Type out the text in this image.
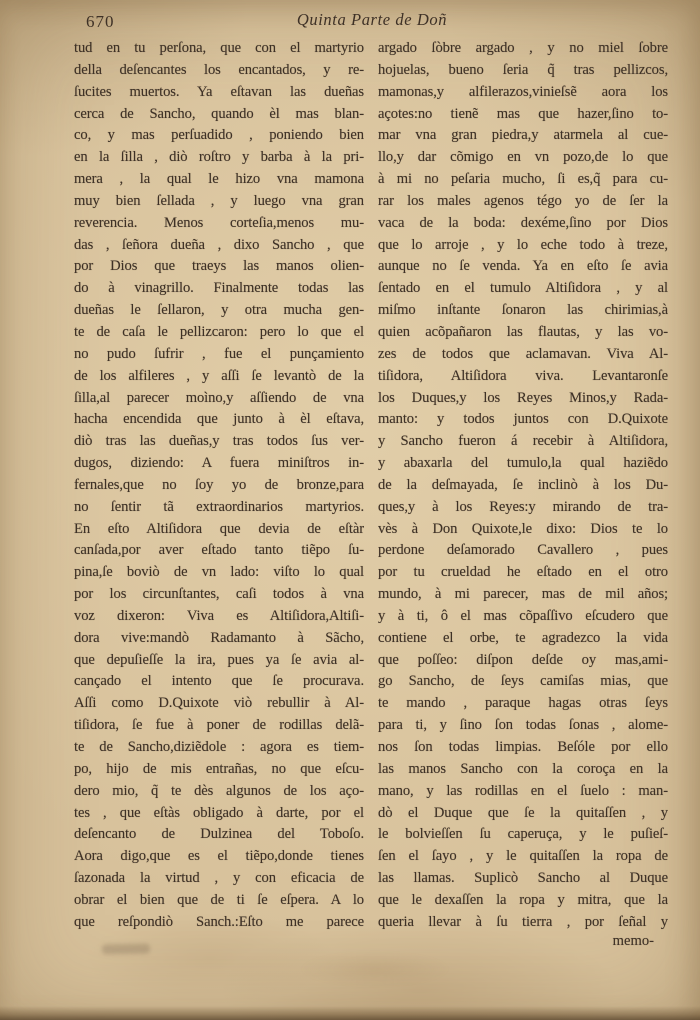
670	Quinta Parte de Doñ
tud en tu perſona, que con el martyrio
della deſencantes los encantados, y re-
ſucites muertos. Ya eſtavan las dueñas
cerca de Sancho, quando èl mas blan-
co, y mas perſuadido , poniendo bien
en la ſilla , diò roſtro y barba à la pri-
mera , la qual le hizo vna mamona
muy bien ſellada , y luego vna gran
reverencia. Menos corteſia,menos mu-
das , ſeñora dueña , dixo Sancho , que
por Dios que traeys las manos olien-
do à vinagrillo. Finalmente todas las
dueñas le ſellaron, y otra mucha gen-
te de caſa le pellizcaron: pero lo que el
no pudo ſufrir , fue el punçamiento
de los alfileres , y aſſi ſe levantò de la
ſilla,al parecer moìno,y aſſiendo de vna
hacha encendida que junto à èl eſtava,
diò tras las dueñas,y tras todos ſus ver-
dugos, diziendo: A fuera miniſtros in-
fernales,que no ſoy yo de bronze,para
no ſentir tã extraordinarios martyrios.
En eſto Altiſidora que devia de eſtàr
canſada,por aver eſtado tanto tiẽpo ſu-
pina,ſe boviò de vn lado: viſto lo qual
por los circunſtantes, caſi todos à vna
voz dixeron: Viva es Altiſidora,Altiſi-
dora vive:mandò Radamanto à Sãcho,
que depuſieſſe la ira, pues ya ſe avia al-
cançado el intento que ſe procurava.
Aſſi como D.Quixote viò rebullir à Al-
tiſidora, ſe fue à poner de rodillas delã-
te de Sancho,diziẽdole : agora es tiem-
po, hijo de mis entrañas, no que eſcu-
dero mio, q̃ te dès algunos de los aço-
tes , que eſtàs obligado à darte, por el
deſencanto de Dulzinea del Toboſo.
Aora digo,que es el tiẽpo,donde tienes
ſazonada la virtud , y con eficacia de
obrar el bien que de ti ſe eſpera. A lo
que reſpondiò Sanch.:Eſto me parece
argado ſòbre argado , y no miel ſobre
hojuelas, bueno ſeria q̃ tras pellizcos,
mamonas,y alfilerazos,vinieſsẽ aora los
açotes:no tienẽ mas que hazer,ſino to-
mar vna gran piedra,y atarmela al cue-
llo,y dar cõmigo en vn pozo,de lo que
à mi no peſaria mucho, ſi es,q̃ para cu-
rar los males agenos tégo yo de ſer la
vaca de la boda: dexéme,ſino por Dios
que lo arroje , y lo eche todo à treze,
aunque no ſe venda. Ya en eſto ſe avia
ſentado en el tumulo Altiſidora , y al
miſmo inſtante ſonaron las chirimias,à
quien acõpañaron las flautas, y las vo-
zes de todos que aclamavan. Viva Al-
tiſidora, Altiſidora viva. Levantaronſe
los Duques,y los Reyes Minos,y Rada-
manto: y todos juntos con D.Quixote
y Sancho fueron á recebir à Altiſidora,
y abaxarla del tumulo,la qual haziẽdo
de la deſmayada, ſe inclinò à los Du-
ques,y à los Reyes:y mirando de tra-
vès à Don Quixote,le dixo: Dios te lo
perdone deſamorado Cavallero , pues
por tu crueldad he eſtado en el otro
mundo, à mi parecer, mas de mil años;
y à ti, ô el mas cõpaſſivo eſcudero que
contiene el orbe, te agradezco la vida
que poſſeo: diſpon deſde oy mas,ami-
go Sancho, de ſeys camiſas mias, que
te mando , paraque hagas otras ſeys
para ti, y ſino ſon todas ſonas , alome-
nos ſon todas limpias. Beſóle por ello
las manos Sancho con la coroça en la
mano, y las rodillas en el ſuelo : man-
dò el Duque que ſe la quitaſſen , y
le bolvieſſen ſu caperuça, y le puſieſ-
ſen el ſayo , y le quitaſſen la ropa de
las llamas. Suplicò Sancho al Duque
que le dexaſſen la ropa y mitra, que la
queria llevar à ſu tierra , por ſeñal y
memo-
